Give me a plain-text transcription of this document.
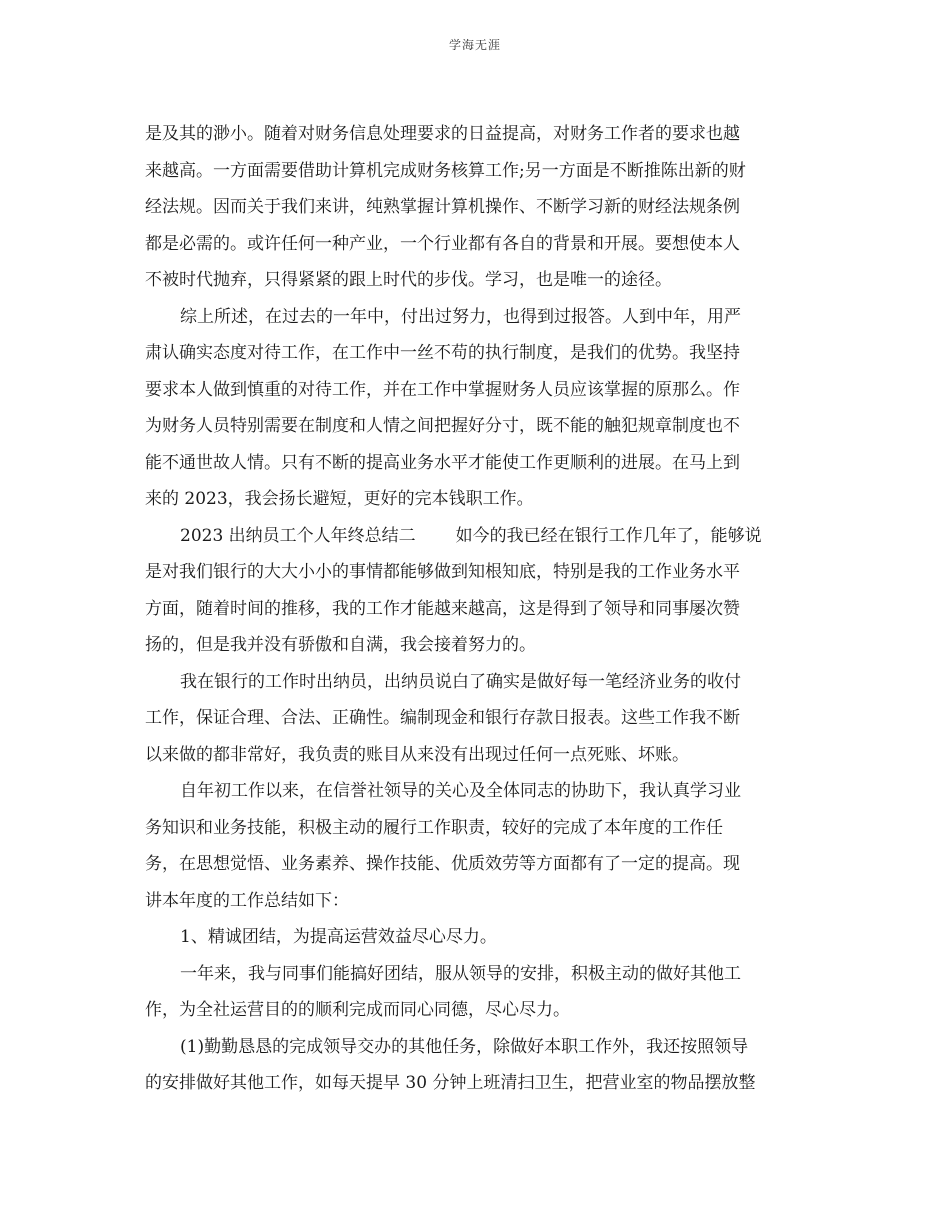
学海无涯
是及其的渺小。随着对财务信息处理要求的日益提高，对财务工作者的要求也越
来越高。一方面需要借助计算机完成财务核算工作;另一方面是不断推陈出新的财
经法规。因而关于我们来讲，纯熟掌握计算机操作、不断学习新的财经法规条例
都是必需的。或许任何一种产业，一个行业都有各自的背景和开展。要想使本人
不被时代抛弃，只得紧紧的跟上时代的步伐。学习，也是唯一的途径。
综上所述，在过去的一年中，付出过努力，也得到过报答。人到中年，用严
肃认确实态度对待工作，在工作中一丝不苟的执行制度，是我们的优势。我坚持
要求本人做到慎重的对待工作，并在工作中掌握财务人员应该掌握的原那么。作
为财务人员特别需要在制度和人情之间把握好分寸，既不能的触犯规章制度也不
能不通世故人情。只有不断的提高业务水平才能使工作更顺利的进展。在马上到
来的 2023，我会扬长避短，更好的完本钱职工作。
2023 出纳员工个人年终总结二 如今的我已经在银行工作几年了，能够说
是对我们银行的大大小小的事情都能够做到知根知底，特别是我的工作业务水平
方面，随着时间的推移，我的工作才能越来越高，这是得到了领导和同事屡次赞
扬的，但是我并没有骄傲和自满，我会接着努力的。
我在银行的工作时出纳员，出纳员说白了确实是做好每一笔经济业务的收付
工作，保证合理、合法、正确性。编制现金和银行存款日报表。这些工作我不断
以来做的都非常好，我负责的账目从来没有出现过任何一点死账、坏账。
自年初工作以来，在信誉社领导的关心及全体同志的协助下，我认真学习业
务知识和业务技能，积极主动的履行工作职责，较好的完成了本年度的工作任
务，在思想觉悟、业务素养、操作技能、优质效劳等方面都有了一定的提高。现
讲本年度的工作总结如下：
1、精诚团结，为提高运营效益尽心尽力。
一年来，我与同事们能搞好团结，服从领导的安排，积极主动的做好其他工
作，为全社运营目的的顺利完成而同心同德，尽心尽力。
(1)勤勤恳恳的完成领导交办的其他任务，除做好本职工作外，我还按照领导
的安排做好其他工作，如每天提早 30 分钟上班清扫卫生，把营业室的物品摆放整
